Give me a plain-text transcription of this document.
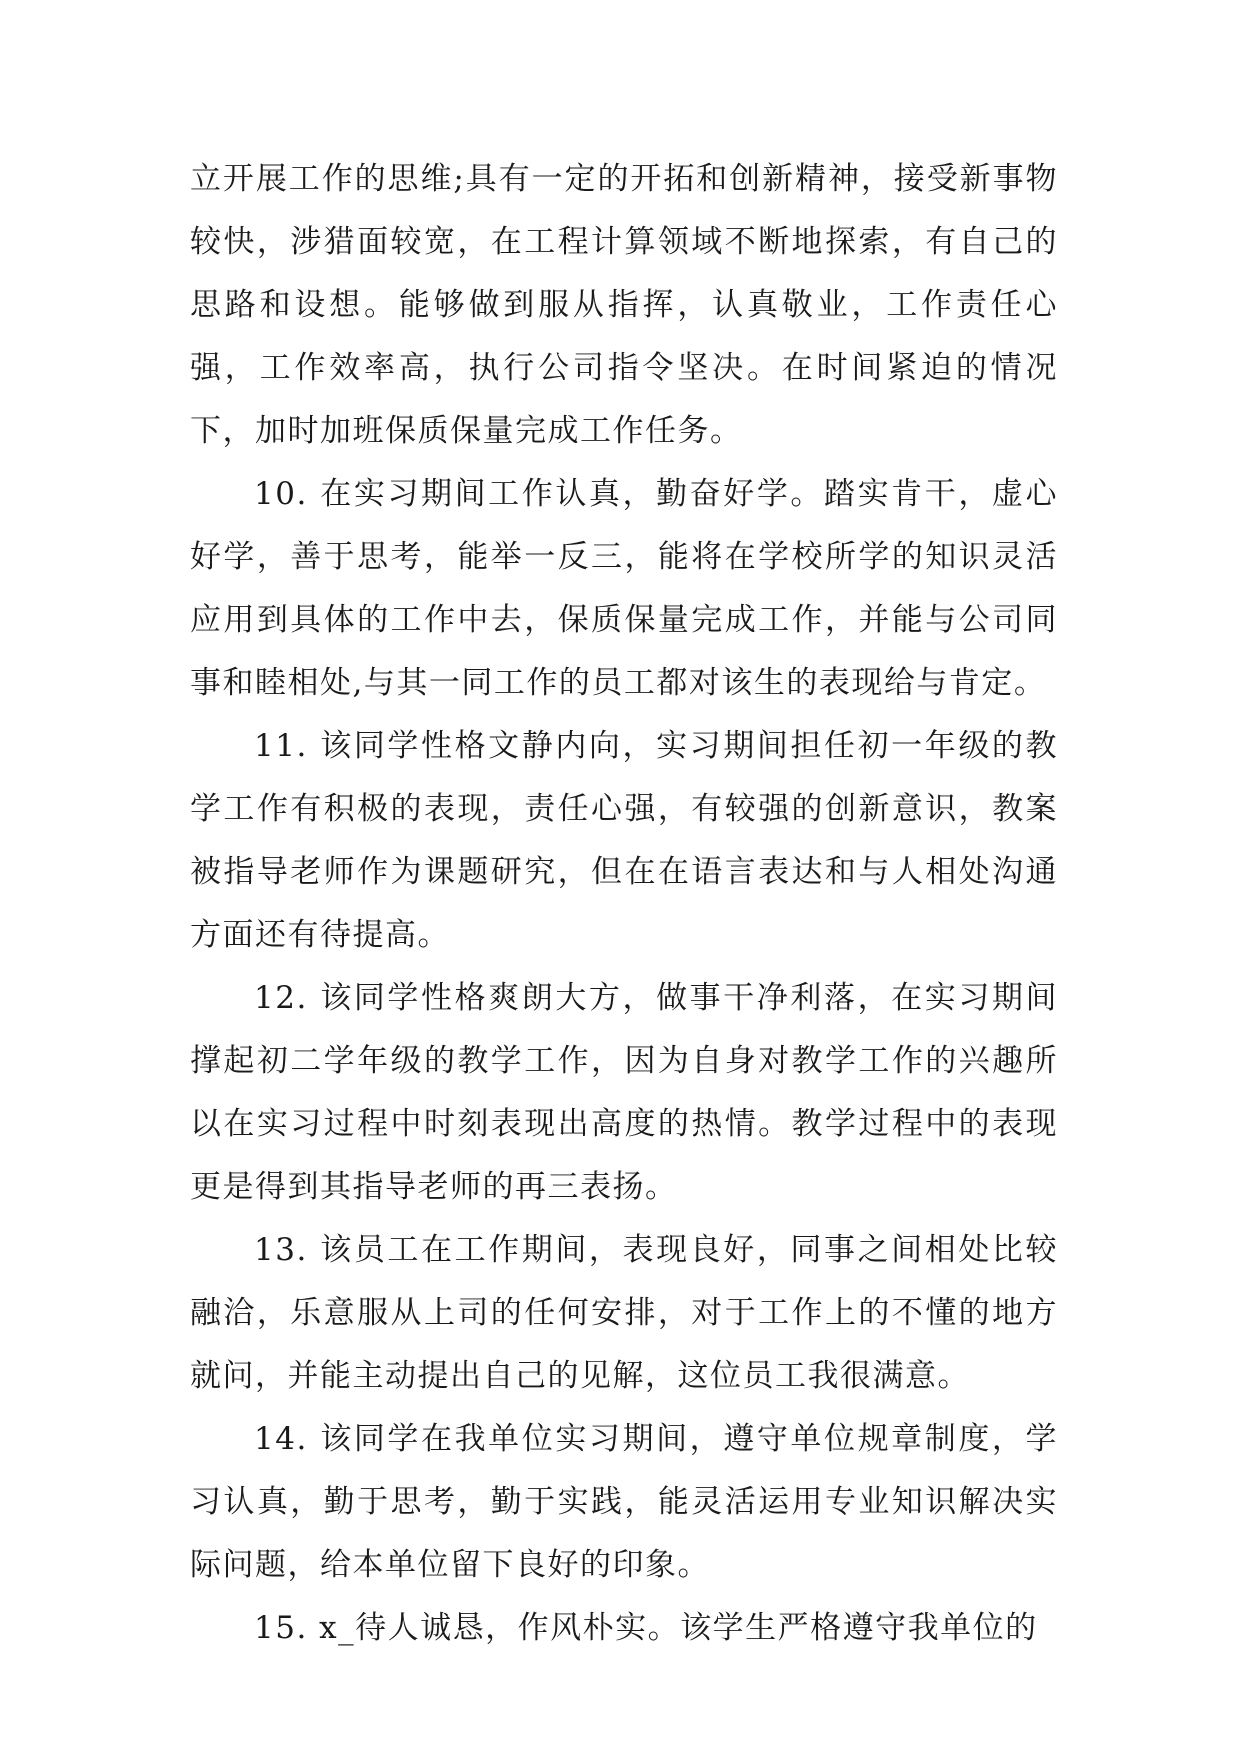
立开展工作的思维;具有一定的开拓和创新精神，接受新事物较快，涉猎面较宽，在工程计算领域不断地探索，有自己的思路和设想。能够做到服从指挥，认真敬业，工作责任心强，工作效率高，执行公司指令坚决。在时间紧迫的情况下，加时加班保质保量完成工作任务。

10. 在实习期间工作认真，勤奋好学。踏实肯干，虚心好学，善于思考，能举一反三，能将在学校所学的知识灵活应用到具体的工作中去，保质保量完成工作，并能与公司同事和睦相处,与其一同工作的员工都对该生的表现给与肯定。

11. 该同学性格文静内向，实习期间担任初一年级的教学工作有积极的表现，责任心强，有较强的创新意识，教案被指导老师作为课题研究，但在在语言表达和与人相处沟通方面还有待提高。

12. 该同学性格爽朗大方，做事干净利落，在实习期间撑起初二学年级的教学工作，因为自身对教学工作的兴趣所以在实习过程中时刻表现出高度的热情。教学过程中的表现更是得到其指导老师的再三表扬。

13. 该员工在工作期间，表现良好，同事之间相处比较融洽，乐意服从上司的任何安排，对于工作上的不懂的地方就问，并能主动提出自己的见解，这位员工我很满意。

14. 该同学在我单位实习期间，遵守单位规章制度，学习认真，勤于思考，勤于实践，能灵活运用专业知识解决实际问题，给本单位留下良好的印象。

15. x_待人诚恳，作风朴实。该学生严格遵守我单位的
